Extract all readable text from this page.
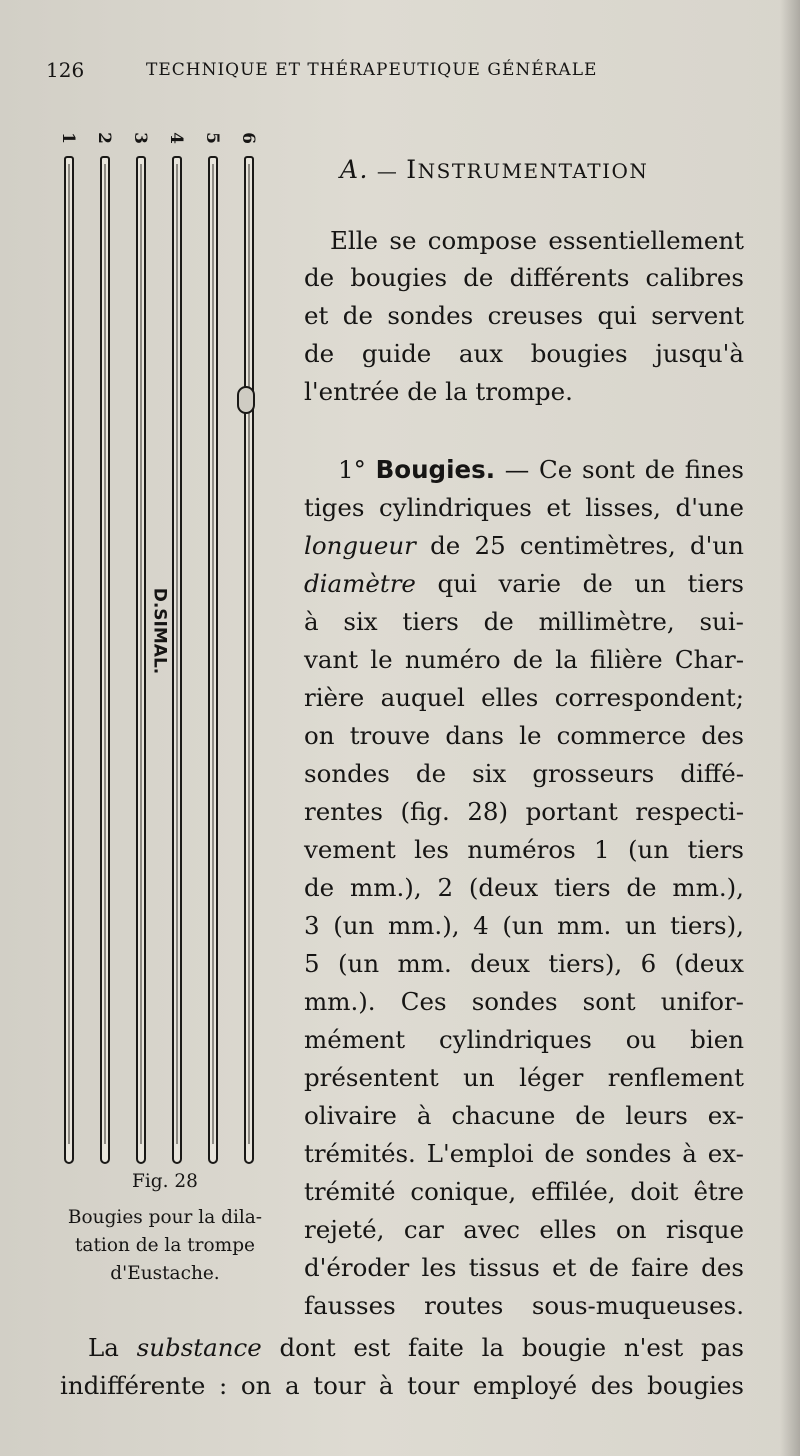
126	TECHNIQUE ET THÉRAPEUTIQUE GÉNÉRALE
1 2 3 4 5 6
D.SIMAL.
Fig. 28
Bougies pour la dila-
tation de la trompe
d'Eustache.
A. — INSTRUMENTATION
Elle se compose essentiellement
de bougies de différents calibres
et de sondes creuses qui servent
de guide aux bougies jusqu'à
l'entrée de la trompe.
1° Bougies. — Ce sont de fines
tiges cylindriques et lisses, d'une
longueur de 25 centimètres, d'un
diamètre qui varie de un tiers
à six tiers de millimètre, sui-
vant le numéro de la filière Char-
rière auquel elles correspondent;
on trouve dans le commerce des
sondes de six grosseurs diffé-
rentes (fig. 28) portant respecti-
vement les numéros 1 (un tiers
de mm.), 2 (deux tiers de mm.),
3 (un mm.), 4 (un mm. un tiers),
5 (un mm. deux tiers), 6 (deux
mm.). Ces sondes sont unifor-
mément cylindriques ou bien
présentent un léger renflement
olivaire à chacune de leurs ex-
trémités. L'emploi de sondes à ex-
trémité conique, effilée, doit être
rejeté, car avec elles on risque
d'éroder les tissus et de faire des
fausses routes sous-muqueuses.
La substance dont est faite la bougie n'est pas
indifférente : on a tour à tour employé des bougies
